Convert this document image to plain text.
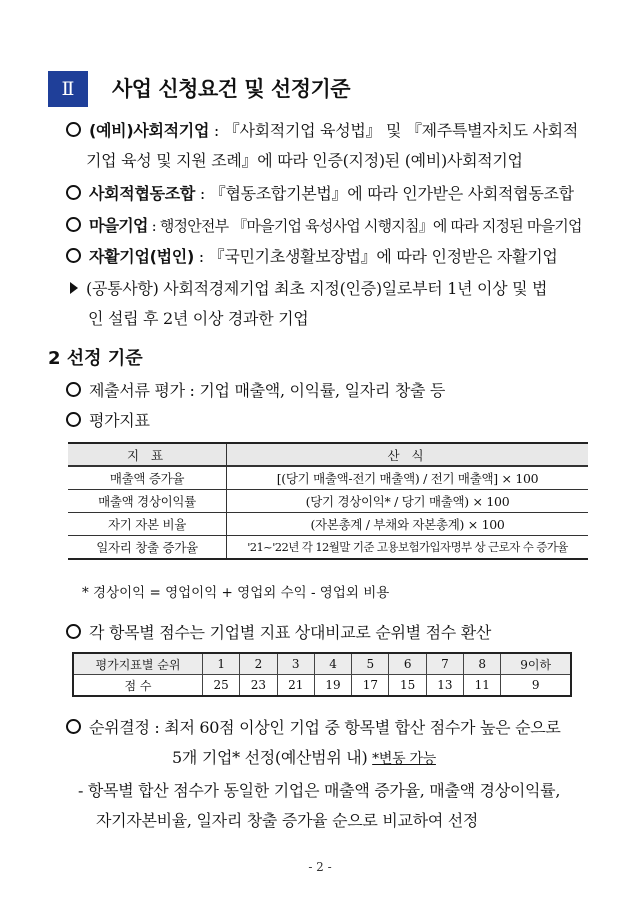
Ⅱ 사업 신청요건 및 선정기준
(예비)사회적기업 : 『사회적기업 육성법』 및 『제주특별자치도 사회적
기업 육성 및 지원 조례』에 따라 인증(지정)된 (예비)사회적기업
사회적협동조합 : 『협동조합기본법』에 따라 인가받은 사회적협동조합
마을기업 : 행정안전부 『마을기업 육성사업 시행지침』에 따라 지정된 마을기업
자활기업(법인) : 『국민기초생활보장법』에 따라 인정받은 자활기업
(공통사항) 사회적경제기업 최초 지정(인증)일로부터 1년 이상 및 법
인 설립 후 2년 이상 경과한 기업
2 선정 기준
제출서류 평가 : 기업 매출액, 이익률, 일자리 창출 등
평가지표
지 표	산 식
매출액 증가율	[(당기 매출액-전기 매출액) / 전기 매출액] × 100
매출액 경상이익률	(당기 경상이익* / 당기 매출액) × 100
자기 자본 비율	(자본총계 / 부채와 자본총계) × 100
일자리 창출 증가율	'21~'22년 각 12월말 기준 고용보험가입자명부 상 근로자 수 증가율
* 경상이익 = 영업이익 + 영업외 수익 - 영업외 비용
각 항목별 점수는 기업별 지표 상대비교로 순위별 점수 환산
평가지표별 순위	1	2	3	4	5	6	7	8	9이하
점 수	25	23	21	19	17	15	13	11	9
순위결정 : 최저 60점 이상인 기업 중 항목별 합산 점수가 높은 순으로
5개 기업* 선정(예산범위 내) *변동 가능
- 항목별 합산 점수가 동일한 기업은 매출액 증가율, 매출액 경상이익률,
자기자본비율, 일자리 창출 증가율 순으로 비교하여 선정
- 2 -
